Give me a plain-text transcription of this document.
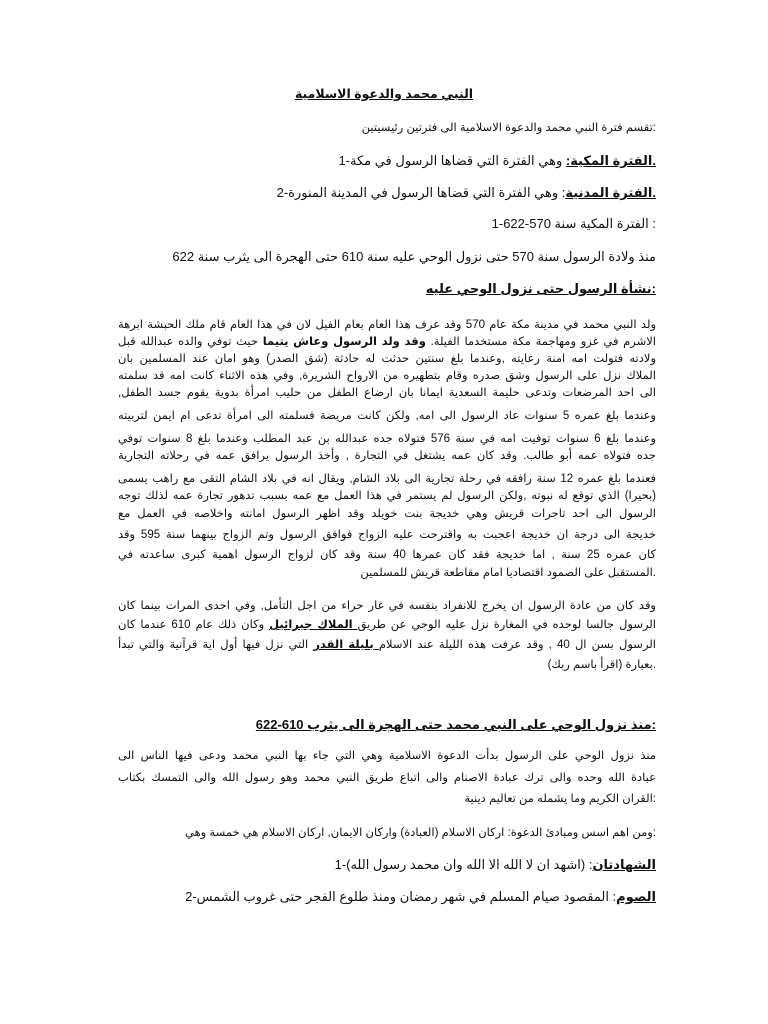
النبي محمد والدعوة الاسلامية
:تقسم فترة النبي محمد والدعوة الاسلامية الى فترتين رئيسيتين
.الفترة المكية: وهي الفترة التي قضاها الرسول في مكة-1
.الفترة المدنية: وهي الفترة التي قضاها الرسول في المدينة المنورة-2
: الفترة المكية سنة 570-622-1
منذ ولادة الرسول سنة 570 حتى نزول الوحي عليه سنة 610 حتى الهجرة الى يثرب سنة 622
:نشأة الرسول حتى نزول الوحي عليه
ولد النبي محمد في مدينة مكة عام 570 وقد عرف هذا العام بعام الفيل لان في هذا العام قام ملك الحبشة ابرهة
الاشرم في غزو ومهاجمة مكة مستخدما الفيلة. وقد ولد الرسول وعاش يتيما حيث توفي والده عبدالله قبل
ولادته فتولت امه امنة رعايته ,وعندما بلغ سنتين حدثت له حادثة (شق الصدر) وهو امان عند المسلمين بان
الملاك نزل على الرسول وشق صدره وقام بتطهيره من الارواح الشريرة, وفي هذه الاثناء كانت امه قد سلمته
الى احد المرضعات وتدعى حليمة السعدية ايمانا بان ارضاع الطفل من حليب امرأة بدوية يقوم جسد الطفل,
وعندما بلغ عمره 5 سنوات عاد الرسول الى امه, ولكن كانت مريضة فسلمته الى امرأة تدعى ام ايمن لتربيته
وعندما بلغ 6 سنوات توفيت امه في سنة 576 فتولاه جده عبدالله بن عبد المطلب وعندما بلغ 8 سنوات توفي
جده فتولاه عمه أبو طالب. وقد كان عمه يشتغل في التجارة , وأخذ الرسول يرافق عمه في رحلاته التجارية
فعندما بلغ عمره 12 سنة رافقه في رحلة تجارية الى بلاد الشام, ويقال انه في بلاد الشام التقى مع راهب يسمى
(بحيرا) الذي توقع له نبوته ,ولكن الرسول لم يستمر في هذا العمل مع عمه بسبب تدهور تجارة عمه لذلك توجه
الرسول الى احد تاجرات قريش وهي خديجة بنت خويلد وقد اظهر الرسول امانته واخلاصه في العمل مع
خديجة الى درجة ان خديجة اعجبت به واقترحت عليه الزواج فوافق الرسول وتم الزواج بينهما سنة 595 وقد
كان عمره 25 سنة , اما خديجة فقد كان عمرها 40 سنة وقد كان لزواج الرسول اهمية كبرى ساعدته في
.المستقبل على الصمود اقتصاديا امام مقاطعة قريش للمسلمين
وقد كان من عادة الرسول ان يخرج للانفراد بنفسه في غار حراء من اجل التأمل, وفي احدى المرات بينما كان
الرسول جالسا لوحده في المغارة نزل عليه الوحي عن طريق الملاك جبرائيل وكان ذلك عام 610 عندما كان
الرسول بسن ال 40 , وقد عرفت هذه الليلة عند الاسلام بليلة القدر التي نزل فيها أول اية قرآنية والتي تبدأ
.بعبارة (اقرأ باسم ربك)
:منذ نزول الوحي على النبي محمد حتى الهجرة الى يثرب 610-622
منذ نزول الوحي على الرسول بدأت الدعوة الاسلامية وهي التي جاء بها النبي محمد ودعى فيها الناس الى
عبادة الله وحده والى ترك عبادة الاصنام والى اتباع طريق النبي محمد وهو رسول الله والى التمسك بكتاب
:القران الكريم وما يشمله من تعاليم دينية
:ومن اهم اسس ومبادئ الدعوة: اركان الاسلام (العبادة) واركان الايمان, اركان الاسلام هي خمسة وهي
الشهادتان: (اشهد ان لا الله الا الله وان محمد رسول الله)-1
الصوم: المقصود صيام المسلم في شهر رمضان ومنذ طلوع الفجر حتى غروب الشمس-2
